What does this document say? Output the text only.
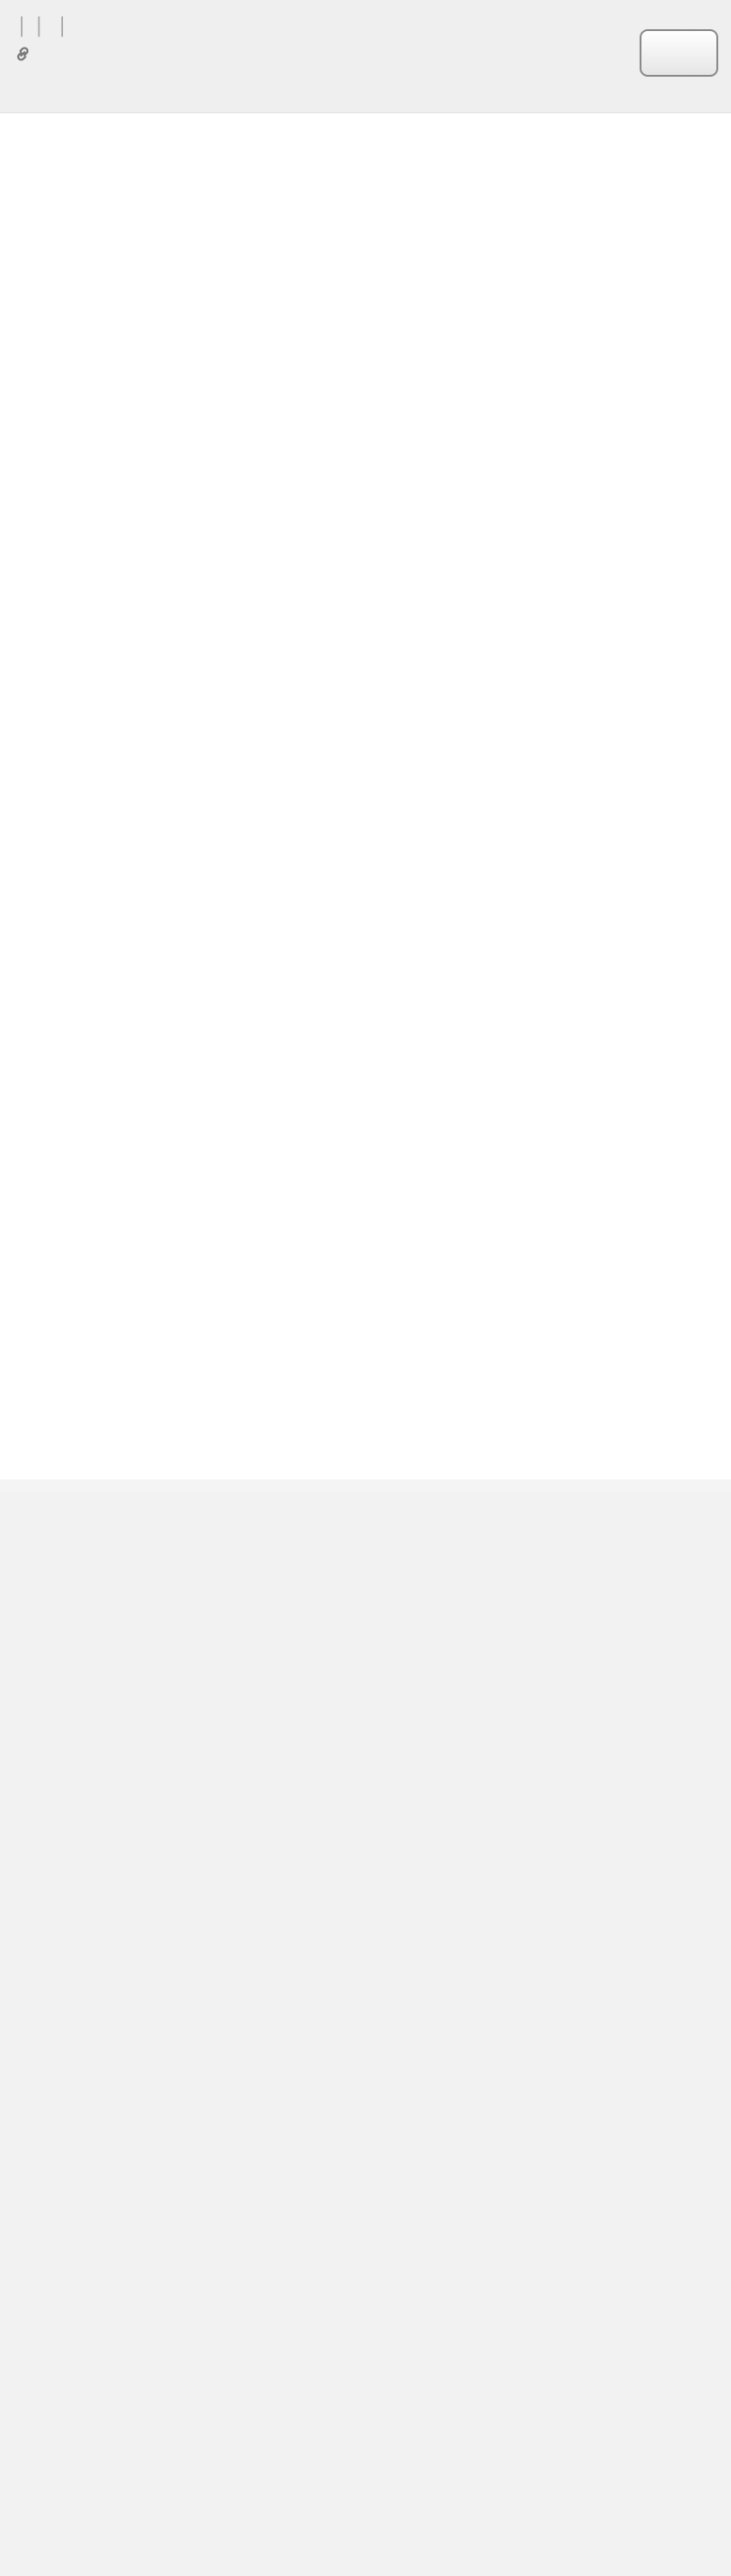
| | |
